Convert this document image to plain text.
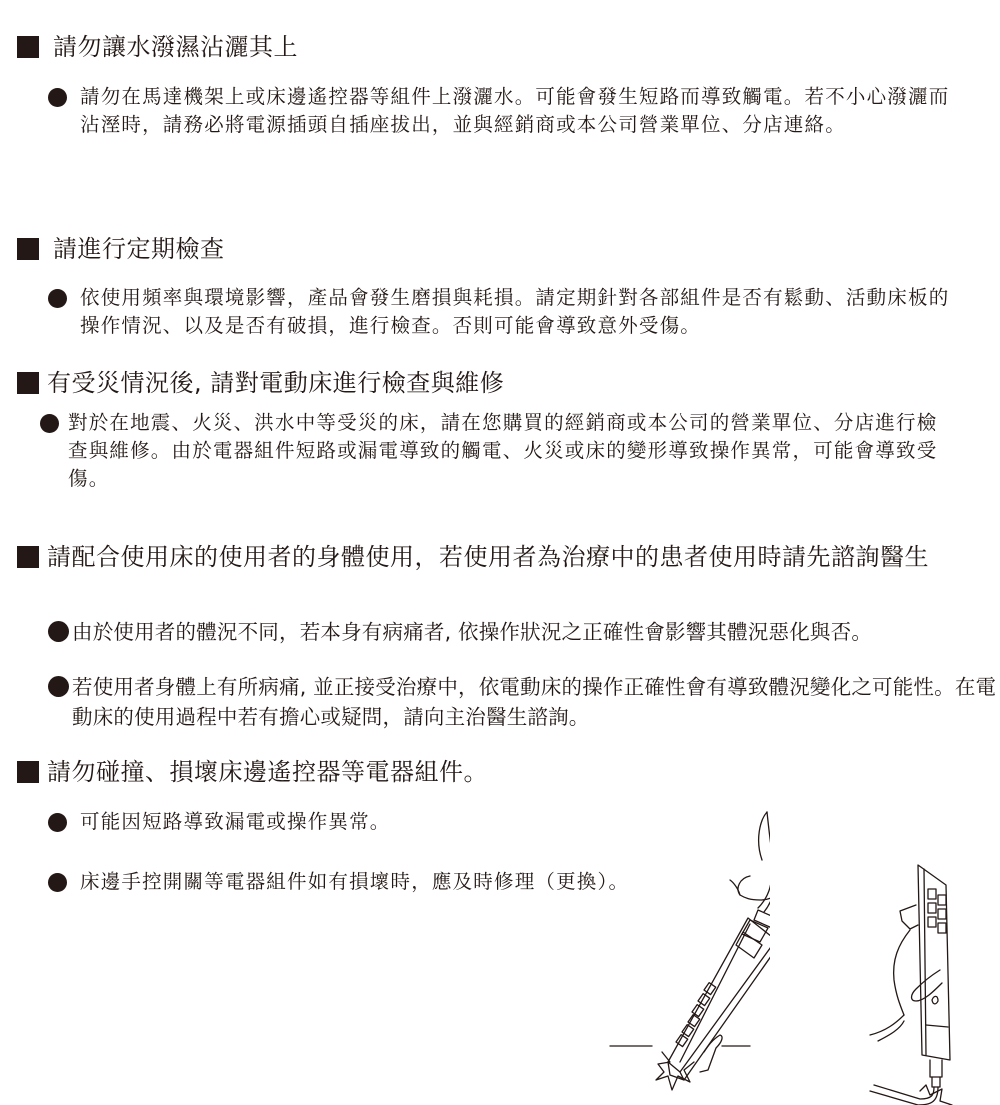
請勿讓水潑濕沾灑其上
請勿在馬達機架上或床邊遙控器等組件上潑灑水。可能會發生短路而導致觸電。若不小心潑灑而沾溼時，請務必將電源插頭自插座拔出，並與經銷商或本公司營業單位、分店連絡。
請進行定期檢查
依使用頻率與環境影響，產品會發生磨損與耗損。請定期針對各部組件是否有鬆動、活動床板的操作情況、以及是否有破損，進行檢查。否則可能會導致意外受傷。
有受災情況後, 請對電動床進行檢查與維修
對於在地震、火災、洪水中等受災的床，請在您購買的經銷商或本公司的營業單位、分店進行檢查與維修。由於電器組件短路或漏電導致的觸電、火災或床的變形導致操作異常，可能會導致受傷。
請配合使用床的使用者的身體使用，若使用者為治療中的患者使用時請先諮詢醫生
由於使用者的體況不同，若本身有病痛者, 依操作狀況之正確性會影響其體況惡化與否。
若使用者身體上有所病痛, 並正接受治療中，依電動床的操作正確性會有導致體況變化之可能性。在電動床的使用過程中若有擔心或疑問，請向主治醫生諮詢。
請勿碰撞、損壞床邊遙控器等電器組件。
可能因短路導致漏電或操作異常。
床邊手控開關等電器組件如有損壞時，應及時修理（更換）。
